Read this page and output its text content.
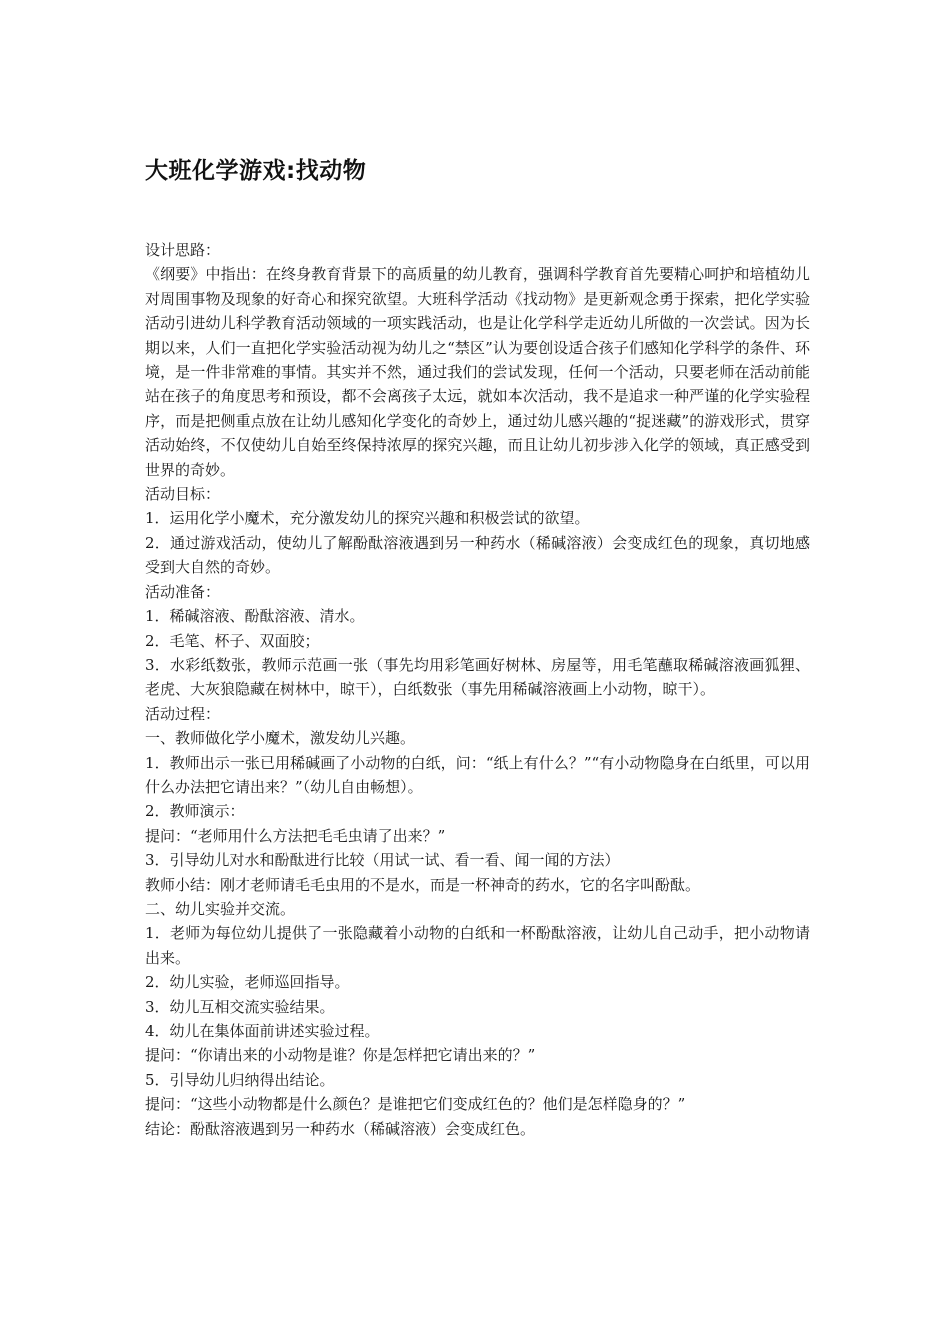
大班化学游戏:找动物

设计思路：

《纲要》中指出：在终身教育背景下的高质量的幼儿教育，强调科学教育首先要精心呵护和培植幼儿对周围事物及现象的好奇心和探究欲望。大班科学活动《找动物》是更新观念勇于探索，把化学实验活动引进幼儿科学教育活动领域的一项实践活动，也是让化学科学走近幼儿所做的一次尝试。因为长期以来，人们一直把化学实验活动视为幼儿之“禁区”认为要创设适合孩子们感知化学科学的条件、环境，是一件非常难的事情。其实并不然，通过我们的尝试发现，任何一个活动，只要老师在活动前能站在孩子的角度思考和预设，都不会离孩子太远，就如本次活动，我不是追求一种严谨的化学实验程序，而是把侧重点放在让幼儿感知化学变化的奇妙上，通过幼儿感兴趣的“捉迷藏”的游戏形式，贯穿活动始终，不仅使幼儿自始至终保持浓厚的探究兴趣，而且让幼儿初步涉入化学的领域，真正感受到世界的奇妙。

活动目标：

1．运用化学小魔术，充分激发幼儿的探究兴趣和积极尝试的欲望。

2．通过游戏活动，使幼儿了解酚酞溶液遇到另一种药水（稀碱溶液）会变成红色的现象，真切地感受到大自然的奇妙。

活动准备：

1．稀碱溶液、酚酞溶液、清水。

2．毛笔、杯子、双面胶；

3．水彩纸数张，教师示范画一张（事先均用彩笔画好树林、房屋等，用毛笔蘸取稀碱溶液画狐狸、老虎、大灰狼隐藏在树林中，晾干），白纸数张（事先用稀碱溶液画上小动物，晾干）。

活动过程：

一、教师做化学小魔术，激发幼儿兴趣。

1．教师出示一张已用稀碱画了小动物的白纸，问：“纸上有什么？”“有小动物隐身在白纸里，可以用什么办法把它请出来？”（幼儿自由畅想）。

2．教师演示：

提问：“老师用什么方法把毛毛虫请了出来？”

3．引导幼儿对水和酚酞进行比较（用试一试、看一看、闻一闻的方法）

教师小结：刚才老师请毛毛虫用的不是水，而是一杯神奇的药水，它的名字叫酚酞。

二、幼儿实验并交流。

1．老师为每位幼儿提供了一张隐藏着小动物的白纸和一杯酚酞溶液，让幼儿自己动手，把小动物请出来。

2．幼儿实验，老师巡回指导。

3．幼儿互相交流实验结果。

4．幼儿在集体面前讲述实验过程。

提问：“你请出来的小动物是谁？你是怎样把它请出来的？”

5．引导幼儿归纳得出结论。

提问：“这些小动物都是什么颜色？是谁把它们变成红色的？他们是怎样隐身的？”

结论：酚酞溶液遇到另一种药水（稀碱溶液）会变成红色。
